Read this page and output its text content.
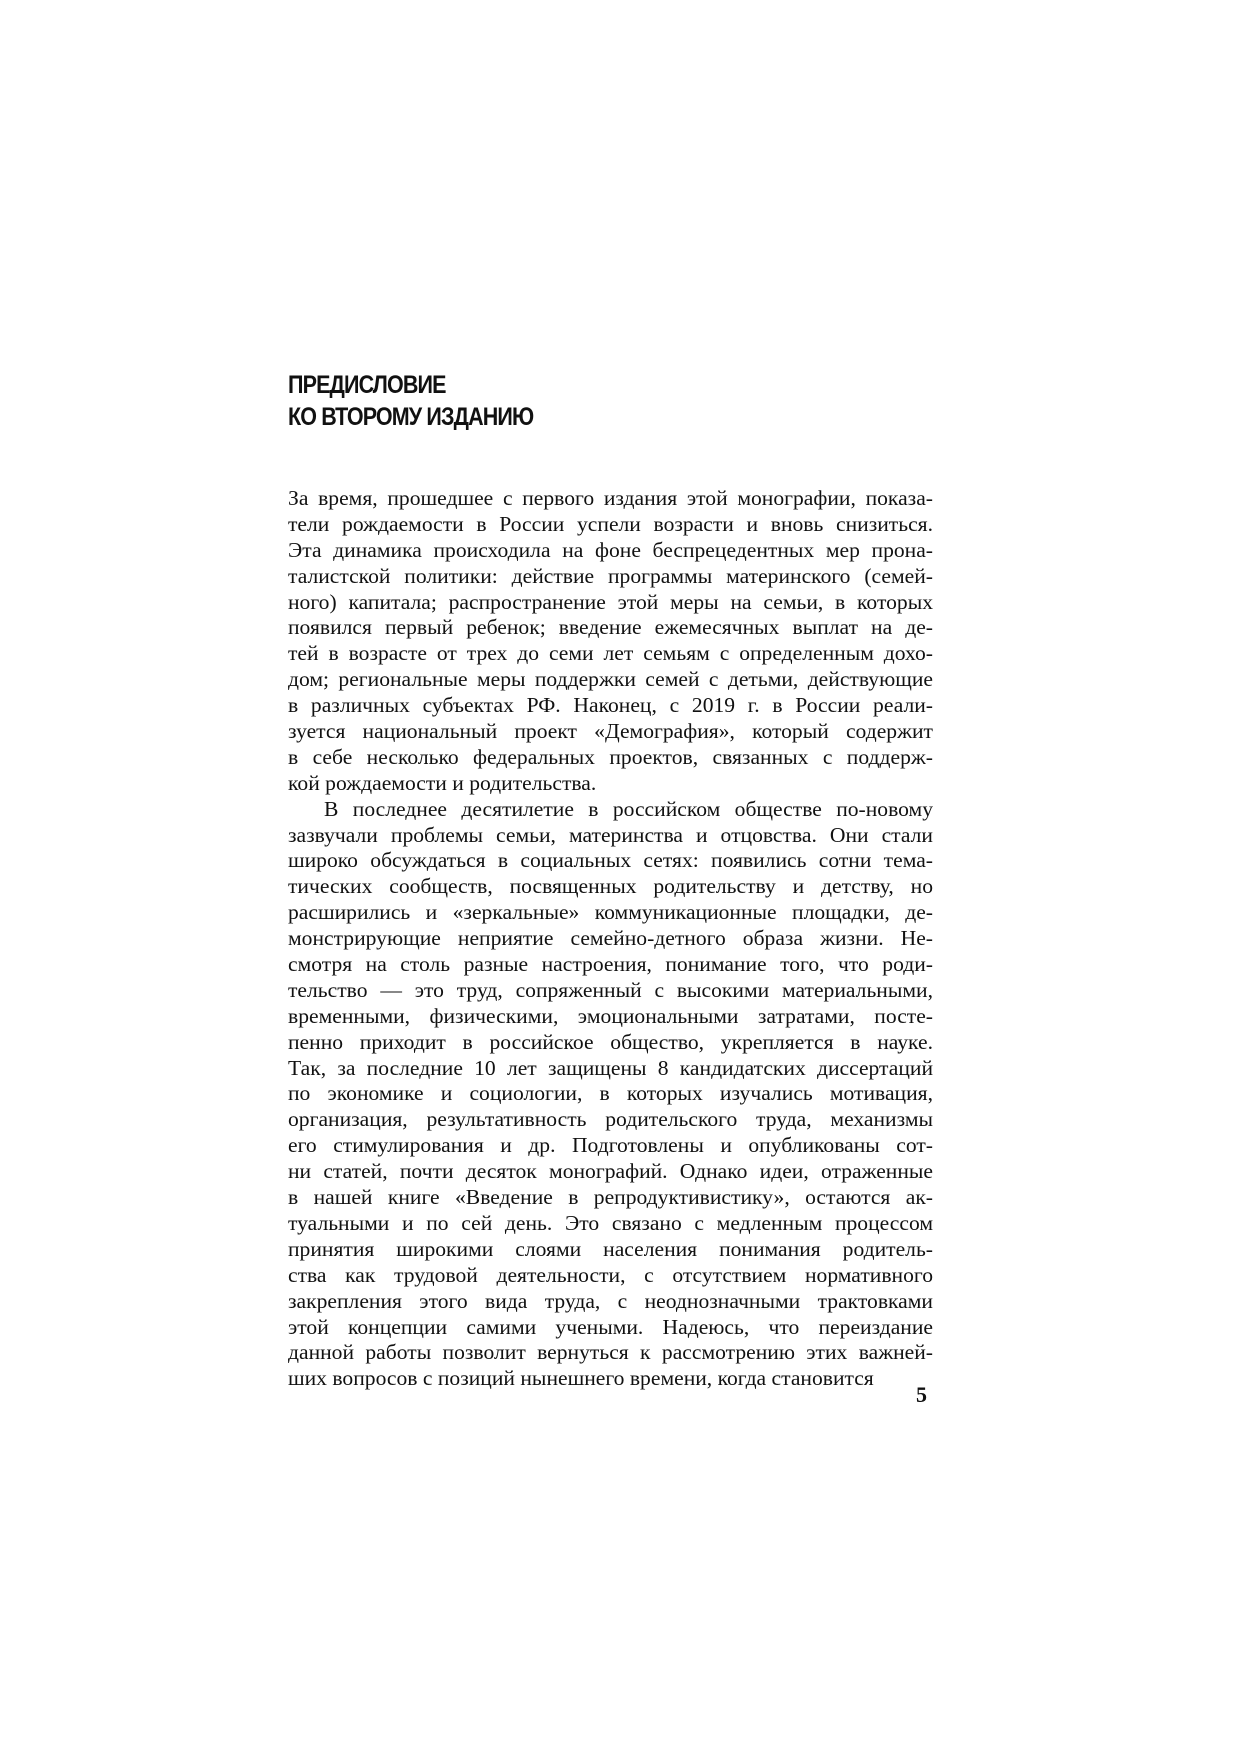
ПРЕДИСЛОВИЕ
КО ВТОРОМУ ИЗДАНИЮ
За время, прошедшее с первого издания этой монографии, показа-
тели рождаемости в России успели возрасти и вновь снизиться.
Эта динамика происходила на фоне беспрецедентных мер прона-
талистской политики: действие программы материнского (семей-
ного) капитала; распространение этой меры на семьи, в которых
появился первый ребенок; введение ежемесячных выплат на де-
тей в возрасте от трех до семи лет семьям с определенным дохо-
дом; региональные меры поддержки семей с детьми, действующие
в различных субъектах РФ. Наконец, с 2019 г. в России реали-
зуется национальный проект «Демография», который содержит
в себе несколько федеральных проектов, связанных с поддерж-
кой рождаемости и родительства.
В последнее десятилетие в российском обществе по-новому
зазвучали проблемы семьи, материнства и отцовства. Они стали
широко обсуждаться в социальных сетях: появились сотни тема-
тических сообществ, посвященных родительству и детству, но
расширились и «зеркальные» коммуникационные площадки, де-
монстрирующие неприятие семейно-детного образа жизни. Не-
смотря на столь разные настроения, понимание того, что роди-
тельство — это труд, сопряженный с высокими материальными,
временными, физическими, эмоциональными затратами, посте-
пенно приходит в российское общество, укрепляется в науке.
Так, за последние 10 лет защищены 8 кандидатских диссертаций
по экономике и социологии, в которых изучались мотивация,
организация, результативность родительского труда, механизмы
его стимулирования и др. Подготовлены и опубликованы сот-
ни статей, почти десяток монографий. Однако идеи, отраженные
в нашей книге «Введение в репродуктивистику», остаются ак-
туальными и по сей день. Это связано с медленным процессом
принятия широкими слоями населения понимания родитель-
ства как трудовой деятельности, с отсутствием нормативного
закрепления этого вида труда, с неоднозначными трактовками
этой концепции самими учеными. Надеюсь, что переиздание
данной работы позволит вернуться к рассмотрению этих важней-
ших вопросов с позиций нынешнего времени, когда становится
5
